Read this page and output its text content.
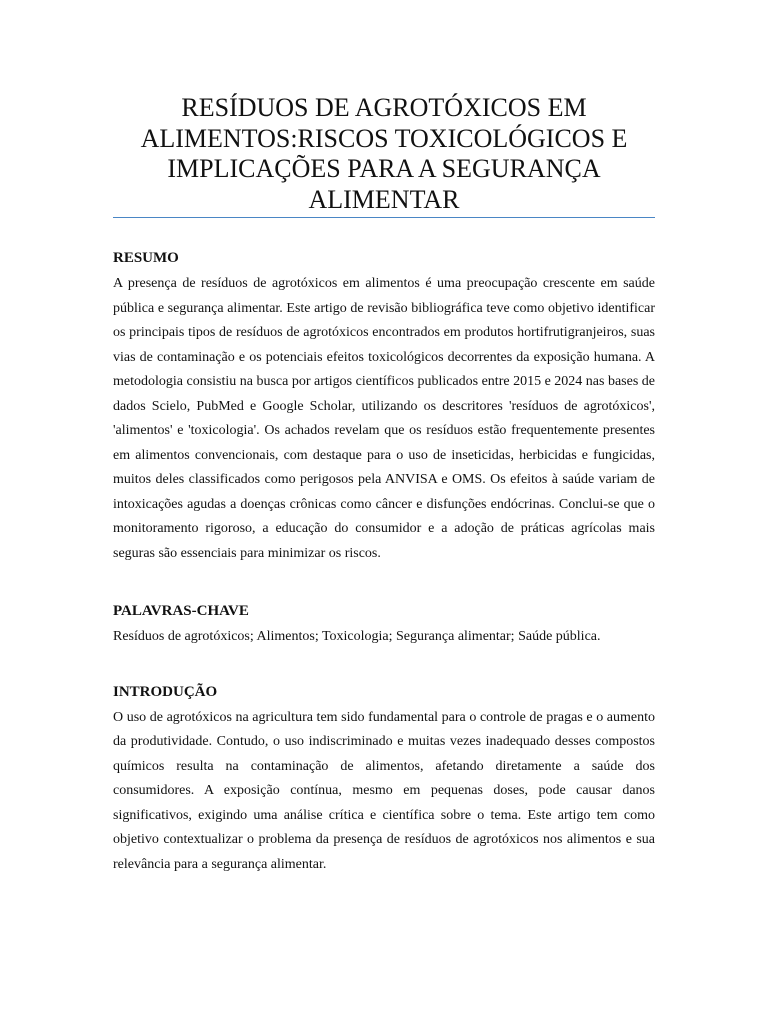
RESÍDUOS DE AGROTÓXICOS EM ALIMENTOS:RISCOS TOXICOLÓGICOS E IMPLICAÇÕES PARA A SEGURANÇA ALIMENTAR
RESUMO

A presença de resíduos de agrotóxicos em alimentos é uma preocupação crescente em saúde pública e segurança alimentar. Este artigo de revisão bibliográfica teve como objetivo identificar os principais tipos de resíduos de agrotóxicos encontrados em produtos hortifrutigranjeiros, suas vias de contaminação e os potenciais efeitos toxicológicos decorrentes da exposição humana. A metodologia consistiu na busca por artigos científicos publicados entre 2015 e 2024 nas bases de dados Scielo, PubMed e Google Scholar, utilizando os descritores 'resíduos de agrotóxicos', 'alimentos' e 'toxicologia'. Os achados revelam que os resíduos estão frequentemente presentes em alimentos convencionais, com destaque para o uso de inseticidas, herbicidas e fungicidas, muitos deles classificados como perigosos pela ANVISA e OMS. Os efeitos à saúde variam de intoxicações agudas a doenças crônicas como câncer e disfunções endócrinas. Conclui-se que o monitoramento rigoroso, a educação do consumidor e a adoção de práticas agrícolas mais seguras são essenciais para minimizar os riscos.

PALAVRAS-CHAVE

Resíduos de agrotóxicos; Alimentos; Toxicologia; Segurança alimentar; Saúde pública.

INTRODUÇÃO

O uso de agrotóxicos na agricultura tem sido fundamental para o controle de pragas e o aumento da produtividade. Contudo, o uso indiscriminado e muitas vezes inadequado desses compostos químicos resulta na contaminação de alimentos, afetando diretamente a saúde dos consumidores. A exposição contínua, mesmo em pequenas doses, pode causar danos significativos, exigindo uma análise crítica e científica sobre o tema. Este artigo tem como objetivo contextualizar o problema da presença de resíduos de agrotóxicos nos alimentos e sua relevância para a segurança alimentar.
